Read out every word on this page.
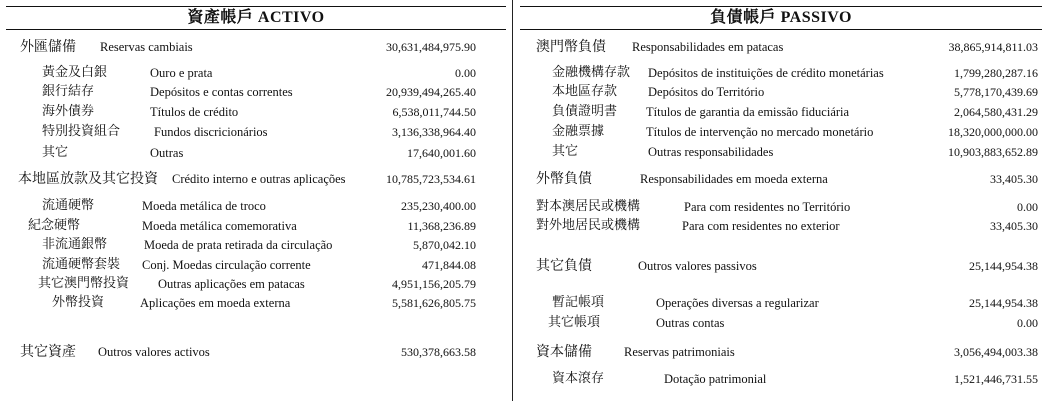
資產帳戶 ACTIVO
外匯儲備 Reservas cambiais	30,631,484,975.90
黃金及白銀	Ouro e prata	0.00
銀行結存	Depósitos e contas correntes	20,939,494,265.40
海外債券	Títulos de crédito	6,538,011,744.50
特別投資組合	Fundos discricionários	3,136,338,964.40
其它	Outras	17,640,001.60
本地區放款及其它投資 Crédito interno e outras aplicações	10,785,723,534.61
流通硬幣	Moeda metálica de troco	235,230,400.00
紀念硬幣	Moeda metálica comemorativa	11,368,236.89
非流通銀幣	Moeda de prata retirada da circulação	5,870,042.10
流通硬幣套裝 Conj. Moedas circulação corrente	471,844.08
其它澳門幣投資 Outras aplicações em patacas	4,951,156,205.79
外幣投資	Aplicações em moeda externa	5,581,626,805.75
其它資產 Outros valores activos	530,378,663.58
負債帳戶 PASSIVO
澳門幣負債 Responsabilidades em patacas	38,865,914,811.03
金融機構存款 Depósitos de instituições de crédito monetárias	1,799,280,287.16
本地區存款 Depósitos do Território	5,778,170,439.69
負債證明書 Títulos de garantia da emissão fiduciária	2,064,580,431.29
金融票據	Títulos de intervenção no mercado monetário	18,320,000,000.00
其它	Outras responsabilidades	10,903,883,652.89
外幣負債	Responsabilidades em moeda externa	33,405.30
對本澳居民或機構	Para com residentes no Território	0.00
對外地居民或機構	Para com residentes no exterior	33,405.30
其它負債	Outros valores passivos	25,144,954.38
暫記帳項	Operações diversas a regularizar	25,144,954.38
其它帳項	Outras contas	0.00
資本儲備	Reservas patrimoniais	3,056,494,003.38
資本滾存	Dotação patrimonial	1,521,446,731.55
